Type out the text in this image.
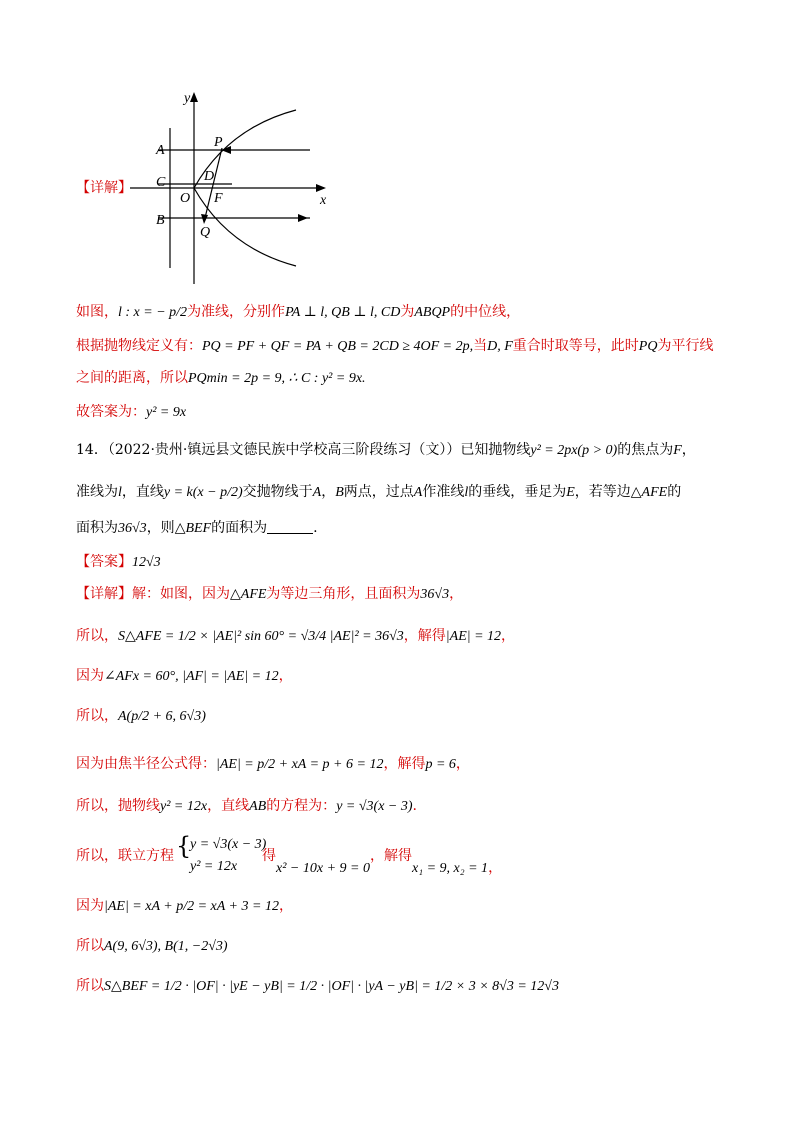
【详解】
y
x
P
A
C	D
O F
B
Q
如图，l : x = − p/2为准线，分别作PA ⊥ l, QB ⊥ l, CD为ABQP的中位线，
根据抛物线定义有：PQ = PF + QF = PA + QB = 2CD ≥ 4OF = 2p,当D, F重合时取等号，此时PQ为平行线
之间的距离，所以PQmin = 2p = 9, ∴ C : y² = 9x.
故答案为：y² = 9x
14．（2022·贵州·镇远县文德民族中学校高三阶段练习（文））已知抛物线y² = 2px(p > 0)的焦点为F，
准线为l，直线y = k(x − p/2)交抛物线于A，B两点，过点A作准线l的垂线，垂足为E，若等边△AFE的
面积为36√3，则△BEF的面积为	.
【答案】12√3
【详解】解：如图，因为△AFE为等边三角形，且面积为36√3，
所以，S△AFE = 1/2 × |AE|² sin 60° = √3/4 |AE|² = 36√3，解得|AE| = 12，
因为∠AFx = 60°, |AF| = |AE| = 12，
所以，A(p/2 + 6, 6√3)
因为由焦半径公式得：|AE| = p/2 + xA = p + 6 = 12，解得p = 6，
所以，抛物线y² = 12x，直线AB的方程为：y = √3(x − 3).
所以，联立方程 {
y = √3(x − 3)
y² = 12x
得
x² − 10x + 9 = 0
，解得
x₁ = 9, x₂ = 1，
因为|AE| = xA + p/2 = xA + 3 = 12，
所以A(9, 6√3), B(1, −2√3)
所以S△BEF = 1/2 · |OF| · |yE − yB| = 1/2 · |OF| · |yA − yB| = 1/2 × 3 × 8√3 = 12√3
